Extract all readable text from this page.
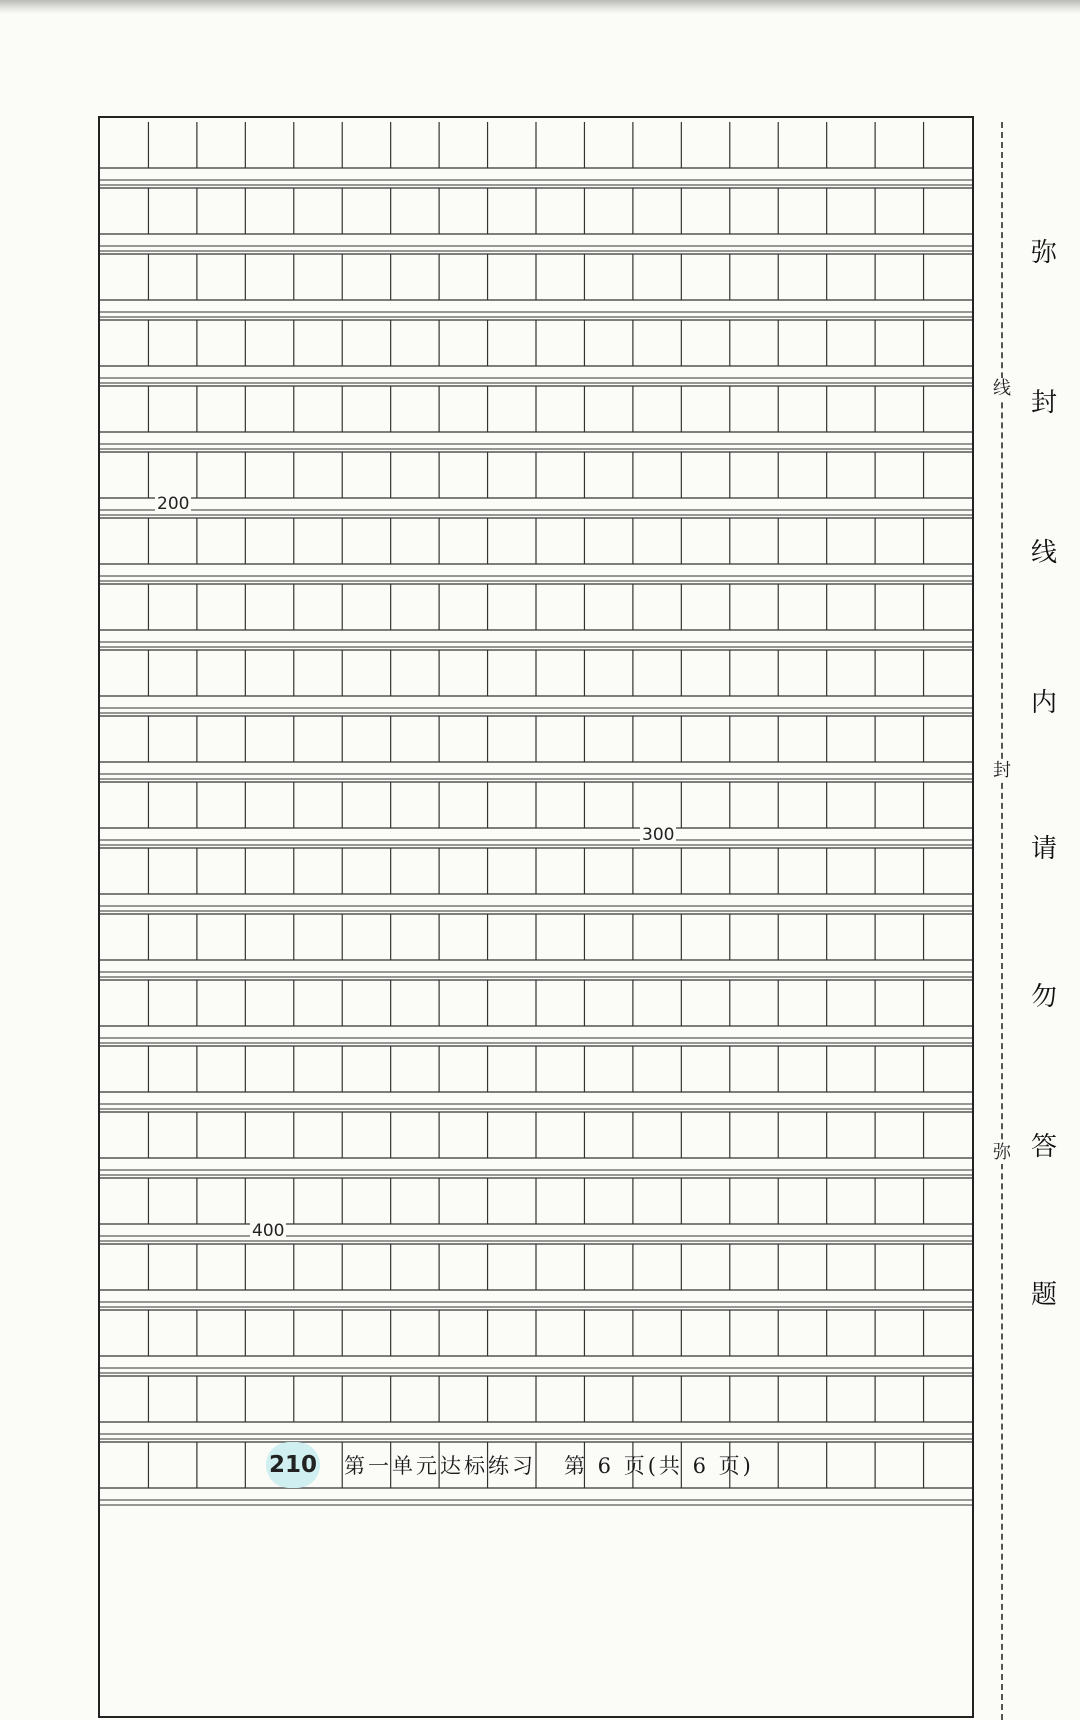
200
300
400
线
封
弥
弥
封
线
内
请
勿
答
题
210 第一单元达标练习 第 6 页(共 6 页)
